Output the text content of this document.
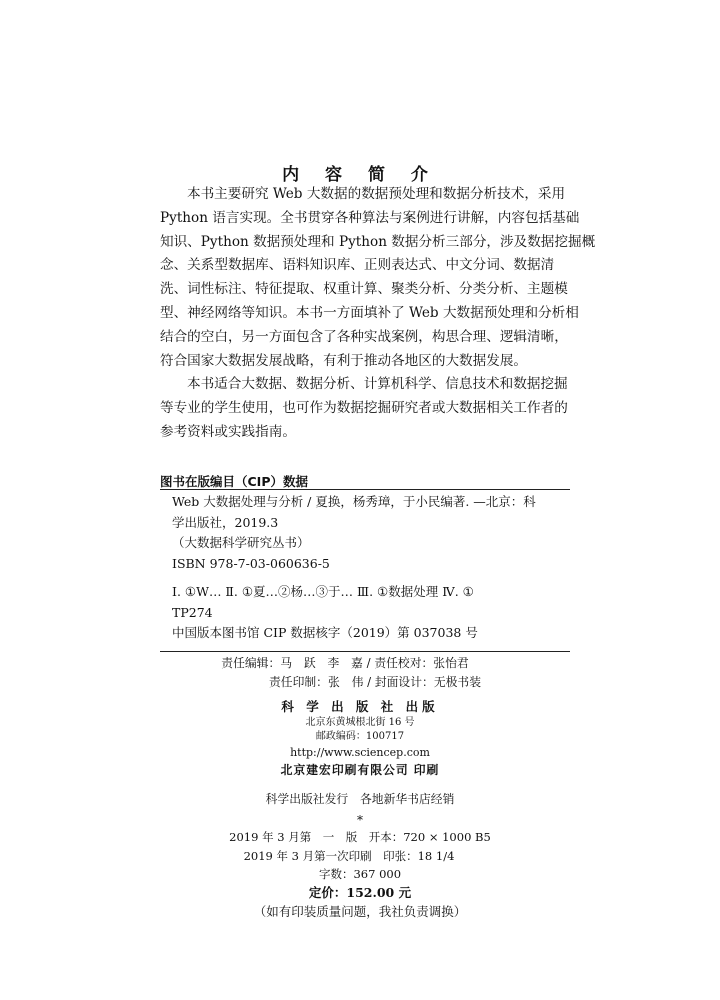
内 容 简 介
本书主要研究 Web 大数据的数据预处理和数据分析技术，采用
Python 语言实现。全书贯穿各种算法与案例进行讲解，内容包括基础
知识、Python 数据预处理和 Python 数据分析三部分，涉及数据挖掘概
念、关系型数据库、语料知识库、正则表达式、中文分词、数据清
洗、词性标注、特征提取、权重计算、聚类分析、分类分析、主题模
型、神经网络等知识。本书一方面填补了 Web 大数据预处理和分析相
结合的空白，另一方面包含了各种实战案例，构思合理、逻辑清晰，
符合国家大数据发展战略，有利于推动各地区的大数据发展。
本书适合大数据、数据分析、计算机科学、信息技术和数据挖掘
等专业的学生使用，也可作为数据挖掘研究者或大数据相关工作者的
参考资料或实践指南。
图书在版编目（CIP）数据
Web 大数据处理与分析 / 夏换，杨秀璋，于小民编著. —北京：科
学出版社，2019.3
（大数据科学研究丛书）
ISBN 978-7-03-060636-5
Ⅰ. ①W… Ⅱ. ①夏…②杨…③于… Ⅲ. ①数据处理 Ⅳ. ①
TP274
中国版本图书馆 CIP 数据核字（2019）第 037038 号
责任编辑：马　跃　李　嘉 / 责任校对：张怡君
责任印制：张　伟 / 封面设计：无极书装
科 学 出 版 社 出版
北京东黄城根北街 16 号
邮政编码：100717
http://www.sciencep.com
北京建宏印刷有限公司 印刷
科学出版社发行　各地新华书店经销
*
2019 年 3 月第　一　版　开本：720 × 1000 B5
2019 年 3 月第一次印刷　印张：18 1/4
字数：367 000
定价：152.00 元
（如有印装质量问题，我社负责调换）
